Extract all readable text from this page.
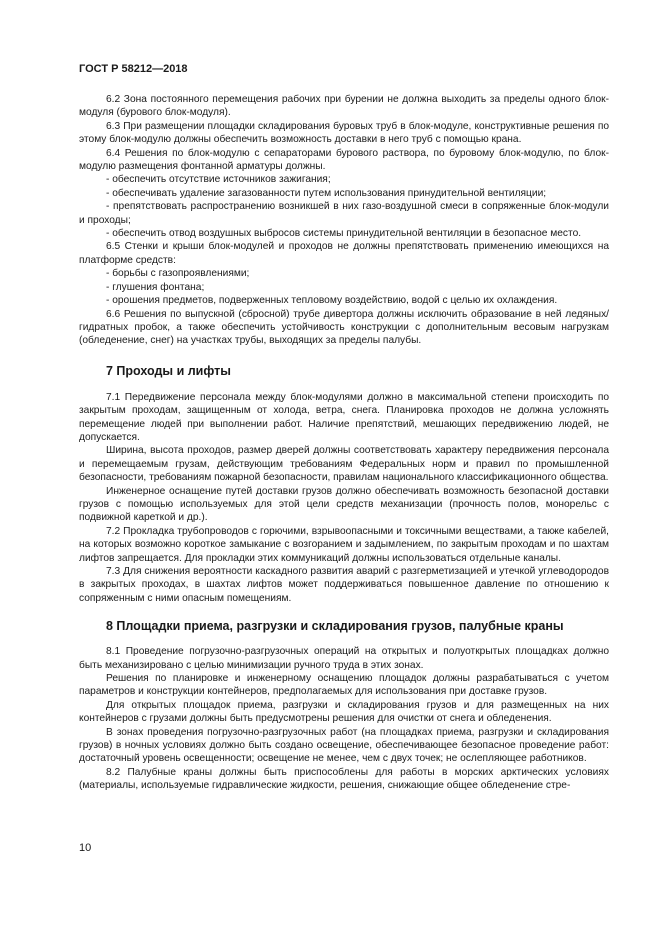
ГОСТ Р 58212—2018

6.2 Зона постоянного перемещения рабочих при бурении не должна выходить за пределы одного блок-модуля (бурового блок-модуля).

6.3 При размещении площадки складирования буровых труб в блок-модуле, конструктивные решения по этому блок-модулю должны обеспечить возможность доставки в него труб с помощью крана.

6.4 Решения по блок-модулю с сепараторами бурового раствора, по буровому блок-модулю, по блок-модулю размещения фонтанной арматуры должны.

- обеспечить отсутствие источников зажигания;

- обеспечивать удаление загазованности путем использования принудительной вентиляции;

- препятствовать распространению возникшей в них газо-воздушной смеси в сопряженные блок-модули и проходы;

- обеспечить отвод воздушных выбросов системы принудительной вентиляции в безопасное место.

6.5 Стенки и крыши блок-модулей и проходов не должны препятствовать применению имеющихся на платформе средств:

- борьбы с газопроявлениями;

- глушения фонтана;

- орошения предметов, подверженных тепловому воздействию, водой с целью их охлаждения.

6.6 Решения по выпускной (сбросной) трубе дивертора должны исключить образование в ней ледяных/гидратных пробок, а также обеспечить устойчивость конструкции с дополнительным весовым нагрузкам (обледенение, снег) на участках трубы, выходящих за пределы палубы.

7 Проходы и лифты

7.1 Передвижение персонала между блок-модулями должно в максимальной степени происходить по закрытым проходам, защищенным от холода, ветра, снега. Планировка проходов не должна усложнять перемещение людей при выполнении работ. Наличие препятствий, мешающих передвижению людей, не допускается.

Ширина, высота проходов, размер дверей должны соответствовать характеру передвижения персонала и перемещаемым грузам, действующим требованиям Федеральных норм и правил по промышленной безопасности, требованиям пожарной безопасности, правилам национального классификационного общества.

Инженерное оснащение путей доставки грузов должно обеспечивать возможность безопасной доставки грузов с помощью используемых для этой цели средств механизации (прочность полов, монорельс с подвижной кареткой и др.).

7.2 Прокладка трубопроводов с горючими, взрывоопасными и токсичными веществами, а также кабелей, на которых возможно короткое замыкание с возгоранием и задымлением, по закрытым проходам и по шахтам лифтов запрещается. Для прокладки этих коммуникаций должны использоваться отдельные каналы.

7.3 Для снижения вероятности каскадного развития аварий с разгерметизацией и утечкой углеводородов в закрытых проходах, в шахтах лифтов может поддерживаться повышенное давление по отношению к сопряженным с ними опасным помещениям.

8 Площадки приема, разгрузки и складирования грузов, палубные краны

8.1 Проведение погрузочно-разгрузочных операций на открытых и полуоткрытых площадках должно быть механизировано с целью минимизации ручного труда в этих зонах.

Решения по планировке и инженерному оснащению площадок должны разрабатываться с учетом параметров и конструкции контейнеров, предполагаемых для использования при доставке грузов.

Для открытых площадок приема, разгрузки и складирования грузов и для размещенных на них контейнеров с грузами должны быть предусмотрены решения для очистки от снега и обледенения.

В зонах проведения погрузочно-разгрузочных работ (на площадках приема, разгрузки и складирования грузов) в ночных условиях должно быть создано освещение, обеспечивающее безопасное проведение работ: достаточный уровень освещенности; освещение не менее, чем с двух точек; не ослепляющее работников.

8.2 Палубные краны должны быть приспособлены для работы в морских арктических условиях (материалы, используемые гидравлические жидкости, решения, снижающие общее обледенение стре-

10
